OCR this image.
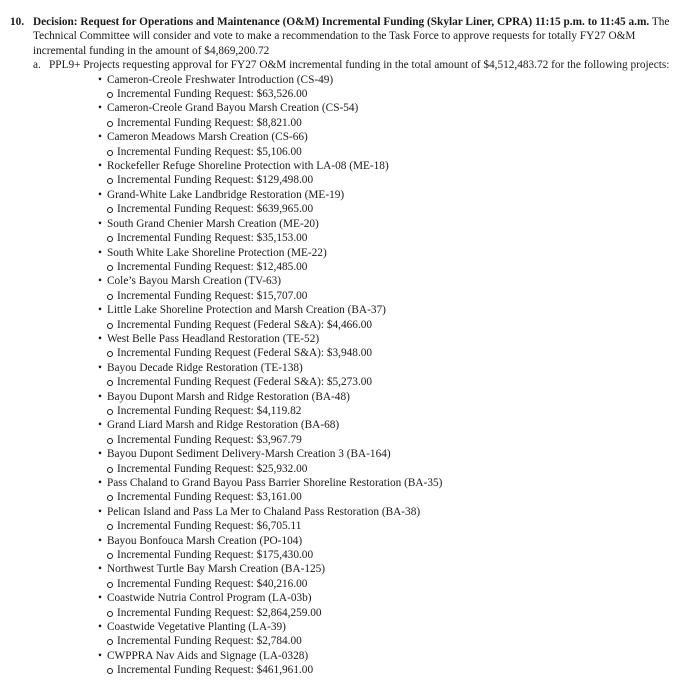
10. Decision: Request for Operations and Maintenance (O&M) Incremental Funding (Skylar Liner, CPRA) 11:15 p.m. to 11:45 a.m. The Technical Committee will consider and vote to make a recommendation to the Task Force to approve requests for totally FY27 O&M incremental funding in the amount of $4,869,200.72
a. PPL9+ Projects requesting approval for FY27 O&M incremental funding in the total amount of $4,512,483.72 for the following projects:
• Cameron-Creole Freshwater Introduction (CS-49)
Incremental Funding Request: $63,526.00
• Cameron-Creole Grand Bayou Marsh Creation (CS-54)
Incremental Funding Request: $8,821.00
• Cameron Meadows Marsh Creation (CS-66)
Incremental Funding Request: $5,106.00
• Rockefeller Refuge Shoreline Protection with LA-08 (ME-18)
Incremental Funding Request: $129,498.00
• Grand-White Lake Landbridge Restoration (ME-19)
Incremental Funding Request: $639,965.00
• South Grand Chenier Marsh Creation (ME-20)
Incremental Funding Request: $35,153.00
• South White Lake Shoreline Protection (ME-22)
Incremental Funding Request: $12,485.00
• Cole’s Bayou Marsh Creation (TV-63)
Incremental Funding Request: $15,707.00
• Little Lake Shoreline Protection and Marsh Creation (BA-37)
Incremental Funding Request (Federal S&A): $4,466.00
• West Belle Pass Headland Restoration (TE-52)
Incremental Funding Request (Federal S&A): $3,948.00
• Bayou Decade Ridge Restoration (TE-138)
Incremental Funding Request (Federal S&A): $5,273.00
• Bayou Dupont Marsh and Ridge Restoration (BA-48)
Incremental Funding Request: $4,119.82
• Grand Liard Marsh and Ridge Restoration (BA-68)
Incremental Funding Request: $3,967.79
• Bayou Dupont Sediment Delivery-Marsh Creation 3 (BA-164)
Incremental Funding Request: $25,932.00
• Pass Chaland to Grand Bayou Pass Barrier Shoreline Restoration (BA-35)
Incremental Funding Request: $3,161.00
• Pelican Island and Pass La Mer to Chaland Pass Restoration (BA-38)
Incremental Funding Request: $6,705.11
• Bayou Bonfouca Marsh Creation (PO-104)
Incremental Funding Request: $175,430.00
• Northwest Turtle Bay Marsh Creation (BA-125)
Incremental Funding Request: $40,216.00
• Coastwide Nutria Control Program (LA-03b)
Incremental Funding Request: $2,864,259.00
• Coastwide Vegetative Planting (LA-39)
Incremental Funding Request: $2,784.00
• CWPPRA Nav Aids and Signage (LA-0328)
Incremental Funding Request: $461,961.00
